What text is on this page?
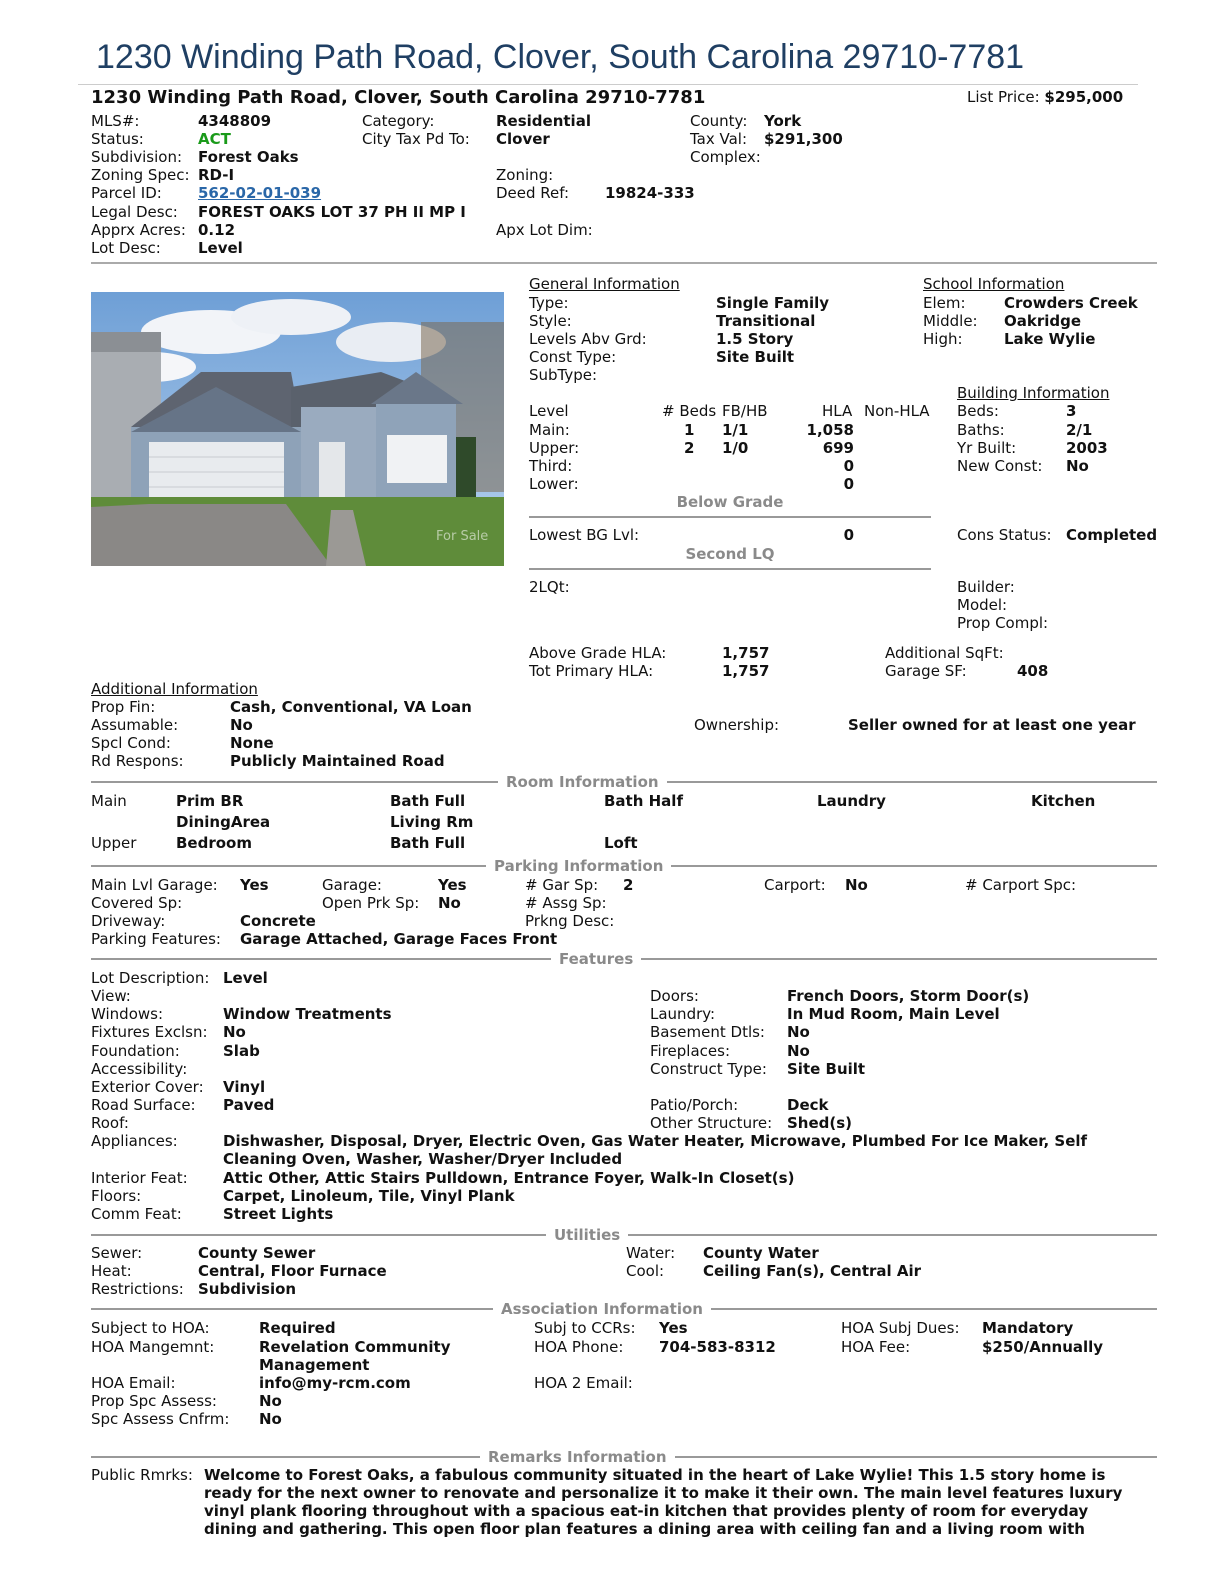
1230 Winding Path Road, Clover, South Carolina 29710-7781
1230 Winding Path Road, Clover, South Carolina 29710-7781	List Price: $295,000
MLS#:	4348809
Status:	ACT
Subdivision: Forest Oaks
Zoning Spec: RD-I
Parcel ID: 562-02-01-039
Legal Desc: FOREST OAKS LOT 37 PH II MP I
Apprx Acres: 0.12
Lot Desc: Level
Category:	Residential
City Tax Pd To: Clover
Zoning:
Deed Ref: 19824-333
Apx Lot Dim:
County: York
Tax Val: $291,300
Complex:
For Sale
General Information
Type:	Single Family
Style:	Transitional
Levels Abv Grd:	1.5 Story
Const Type:	Site Built
SubType:
School Information
Elem:	Crowders Creek
Middle: Oakridge
High:	Lake Wylie
Level	# Beds FB/HB	HLA Non-HLA
Main:	1 1/1	1,058
Upper:	2 1/0	699
Third:	0
Lower:	0
Below Grade
Lowest BG Lvl:	0
Second LQ
2LQt:
Building Information
Beds:	3
Baths:	2/1
Yr Built:	2003
New Const: No
Cons Status: Completed
Builder:
Model:
Prop Compl:
Above Grade HLA:	1,757
Tot Primary HLA:	1,757
Additional SqFt:
Garage SF:	408
Additional Information
Prop Fin:	Cash, Conventional, VA Loan
Assumable:	No
Spcl Cond:	None
Rd Respons:	Publicly Maintained Road
Ownership:	Seller owned for at least one year
Room Information
Main	Prim BR	Bath Full	Bath Half	Laundry	Kitchen
DiningArea	Living Rm
Upper	Bedroom	Bath Full	Loft
Parking Information
Main Lvl Garage: Yes	Garage:	Yes	# Gar Sp: 2	Carport: No	# Carport Spc:
Covered Sp:	Open Prk Sp: No	# Assg Sp:
Driveway:	Concrete	Prkng Desc:
Parking Features: Garage Attached, Garage Faces Front
Features
Lot Description: Level
View:
Windows:	Window Treatments
Fixtures Exclsn: No
Foundation:	Slab
Accessibility:
Exterior Cover: Vinyl
Road Surface: Paved
Roof:
Doors:	French Doors, Storm Door(s)
Laundry:	In Mud Room, Main Level
Basement Dtls: No
Fireplaces:	No
Construct Type: Site Built
Patio/Porch:	Deck
Other Structure: Shed(s)
Appliances:	Dishwasher, Disposal, Dryer, Electric Oven, Gas Water Heater, Microwave, Plumbed For Ice Maker, Self Cleaning Oven, Washer, Washer/Dryer Included
Interior Feat: Attic Other, Attic Stairs Pulldown, Entrance Foyer, Walk-In Closet(s)
Floors:	Carpet, Linoleum, Tile, Vinyl Plank
Comm Feat:	Street Lights
Utilities
Sewer:	County Sewer
Heat:	Central, Floor Furnace
Restrictions: Subdivision
Water: County Water
Cool:	Ceiling Fan(s), Central Air
Association Information
Subject to HOA:	Required
HOA Mangemnt:	Revelation Community Management
HOA Email:	info@my-rcm.com
Prop Spc Assess:	No
Spc Assess Cnfrm: No
Subj to CCRs: Yes
HOA Phone: 704-583-8312
HOA 2 Email:
HOA Subj Dues: Mandatory
HOA Fee:	$250/Annually
Remarks Information
Public Rmrks: Welcome to Forest Oaks, a fabulous community situated in the heart of Lake Wylie! This 1.5 story home is ready for the next owner to renovate and personalize it to make it their own. The main level features luxury vinyl plank flooring throughout with a spacious eat-in kitchen that provides plenty of room for everyday dining and gathering. This open floor plan features a dining area with ceiling fan and a living room with
